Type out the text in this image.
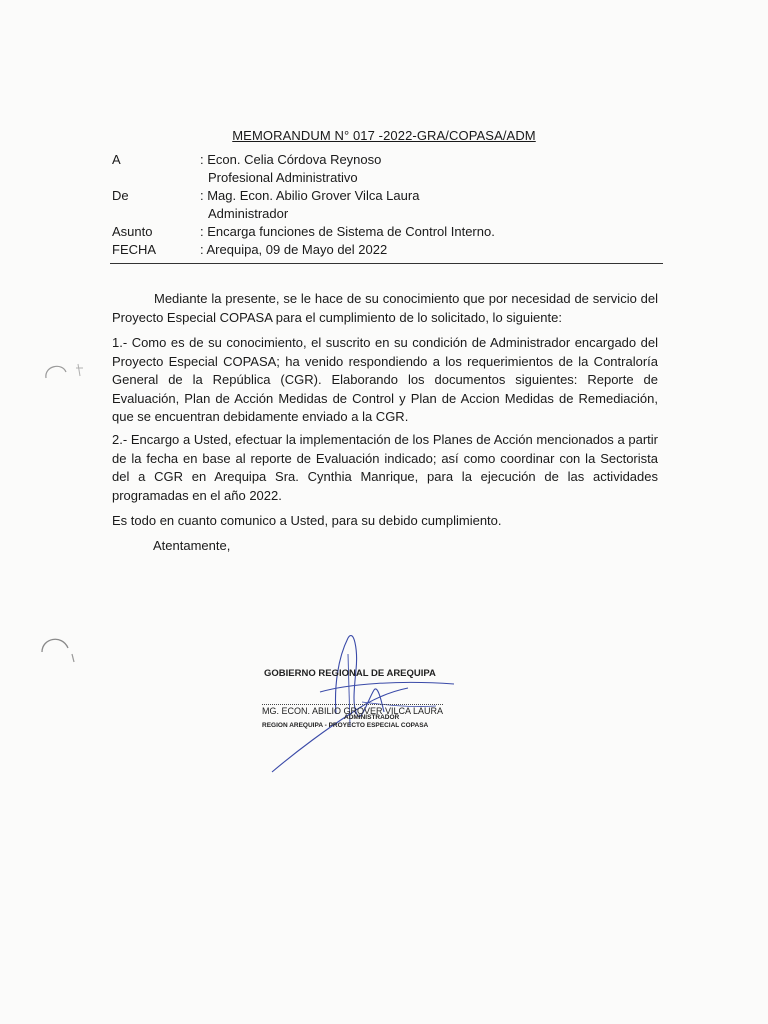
MEMORANDUM N° 017 -2022-GRA/COPASA/ADM
A	: Econ. Celia Córdova Reynoso
Profesional Administrativo
De	: Mag. Econ. Abilio Grover Vilca Laura
Administrador
Asunto	: Encarga funciones de Sistema de Control Interno.
FECHA	: Arequipa, 09 de Mayo del 2022
Mediante la presente, se le hace de su conocimiento que por necesidad de servicio del Proyecto Especial COPASA para el cumplimiento de lo solicitado, lo siguiente:
1.- Como es de su conocimiento, el suscrito en su condición de Administrador encargado del Proyecto Especial COPASA; ha venido respondiendo a los requerimientos de la Contraloría General de la República (CGR). Elaborando los documentos siguientes: Reporte de Evaluación, Plan de Acción Medidas de Control y Plan de Accion Medidas de Remediación, que se encuentran debidamente enviado a la CGR.
2.- Encargo a Usted, efectuar la implementación de los Planes de Acción mencionados a partir de la fecha en base al reporte de Evaluación indicado; así como coordinar con la Sectorista del a CGR en Arequipa Sra. Cynthia Manrique, para la ejecución de las actividades programadas en el año 2022.
Es todo en cuanto comunico a Usted, para su debido cumplimiento.
Atentamente,
GOBIERNO REGIONAL DE AREQUIPA
MG. ECON. ABILIO GROVER VILCA LAURA
ADMINISTRADOR
REGION AREQUIPA - PROYECTO ESPECIAL COPASA
